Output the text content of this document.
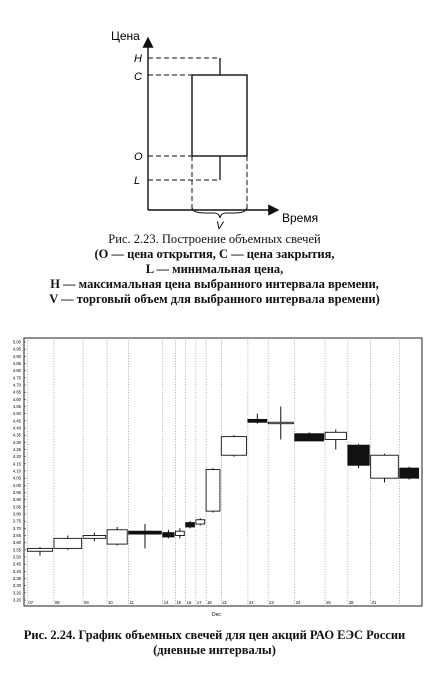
Цена
Время
H
C
O
L
V
Рис. 2.23. Построение объемных свечей
(O — цена открытия, C — цена закрытия,
L — минимальная цена,
H — максимальная цена выбранного интервала времени,
V — торговый объем для выбранного интервала времени)
5.00
4.95
4.90
4.85
4.80
4.75
4.70
4.65
4.60
4.55
4.50
4.45
4.40
4.35
4.30
4.25
4.20
4.15
4.10
4.05
4.00
3.95
3.90
3.85
3.80
3.75
3.70
3.65
3.60
3.55
3.50
3.45
3.40
3.35
3.30
3.25
3.20 07	08	09	10	11	14 15 16 17 18	21	22	23	24	25	28	01
Dec
Рис. 2.24. График объемных свечей для цен акций РАО ЕЭС России
(дневные интервалы)
